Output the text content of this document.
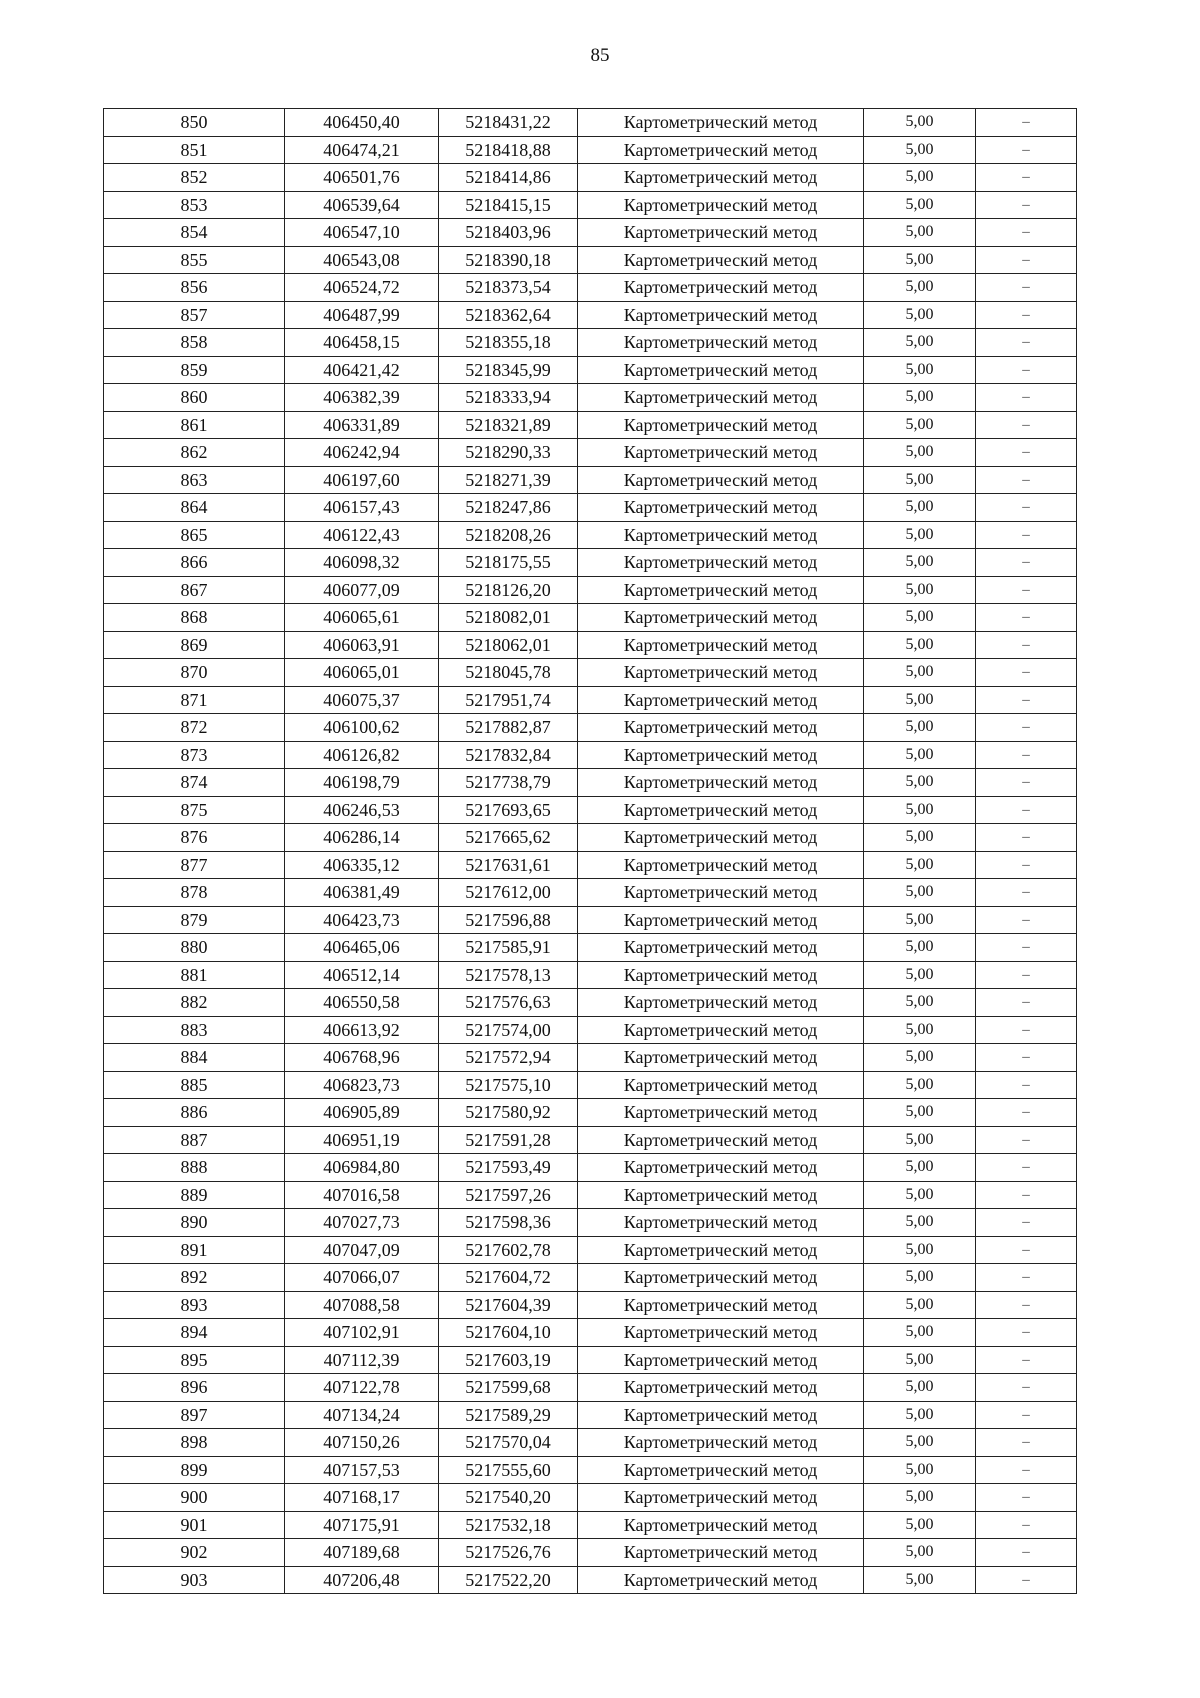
85
850	406450,40	5218431,22	Картометрический метод	5,00	–
851	406474,21	5218418,88	Картометрический метод	5,00	–
852	406501,76	5218414,86	Картометрический метод	5,00	–
853	406539,64	5218415,15	Картометрический метод	5,00	–
854	406547,10	5218403,96	Картометрический метод	5,00	–
855	406543,08	5218390,18	Картометрический метод	5,00	–
856	406524,72	5218373,54	Картометрический метод	5,00	–
857	406487,99	5218362,64	Картометрический метод	5,00	–
858	406458,15	5218355,18	Картометрический метод	5,00	–
859	406421,42	5218345,99	Картометрический метод	5,00	–
860	406382,39	5218333,94	Картометрический метод	5,00	–
861	406331,89	5218321,89	Картометрический метод	5,00	–
862	406242,94	5218290,33	Картометрический метод	5,00	–
863	406197,60	5218271,39	Картометрический метод	5,00	–
864	406157,43	5218247,86	Картометрический метод	5,00	–
865	406122,43	5218208,26	Картометрический метод	5,00	–
866	406098,32	5218175,55	Картометрический метод	5,00	–
867	406077,09	5218126,20	Картометрический метод	5,00	–
868	406065,61	5218082,01	Картометрический метод	5,00	–
869	406063,91	5218062,01	Картометрический метод	5,00	–
870	406065,01	5218045,78	Картометрический метод	5,00	–
871	406075,37	5217951,74	Картометрический метод	5,00	–
872	406100,62	5217882,87	Картометрический метод	5,00	–
873	406126,82	5217832,84	Картометрический метод	5,00	–
874	406198,79	5217738,79	Картометрический метод	5,00	–
875	406246,53	5217693,65	Картометрический метод	5,00	–
876	406286,14	5217665,62	Картометрический метод	5,00	–
877	406335,12	5217631,61	Картометрический метод	5,00	–
878	406381,49	5217612,00	Картометрический метод	5,00	–
879	406423,73	5217596,88	Картометрический метод	5,00	–
880	406465,06	5217585,91	Картометрический метод	5,00	–
881	406512,14	5217578,13	Картометрический метод	5,00	–
882	406550,58	5217576,63	Картометрический метод	5,00	–
883	406613,92	5217574,00	Картометрический метод	5,00	–
884	406768,96	5217572,94	Картометрический метод	5,00	–
885	406823,73	5217575,10	Картометрический метод	5,00	–
886	406905,89	5217580,92	Картометрический метод	5,00	–
887	406951,19	5217591,28	Картометрический метод	5,00	–
888	406984,80	5217593,49	Картометрический метод	5,00	–
889	407016,58	5217597,26	Картометрический метод	5,00	–
890	407027,73	5217598,36	Картометрический метод	5,00	–
891	407047,09	5217602,78	Картометрический метод	5,00	–
892	407066,07	5217604,72	Картометрический метод	5,00	–
893	407088,58	5217604,39	Картометрический метод	5,00	–
894	407102,91	5217604,10	Картометрический метод	5,00	–
895	407112,39	5217603,19	Картометрический метод	5,00	–
896	407122,78	5217599,68	Картометрический метод	5,00	–
897	407134,24	5217589,29	Картометрический метод	5,00	–
898	407150,26	5217570,04	Картометрический метод	5,00	–
899	407157,53	5217555,60	Картометрический метод	5,00	–
900	407168,17	5217540,20	Картометрический метод	5,00	–
901	407175,91	5217532,18	Картометрический метод	5,00	–
902	407189,68	5217526,76	Картометрический метод	5,00	–
903	407206,48	5217522,20	Картометрический метод	5,00	–
